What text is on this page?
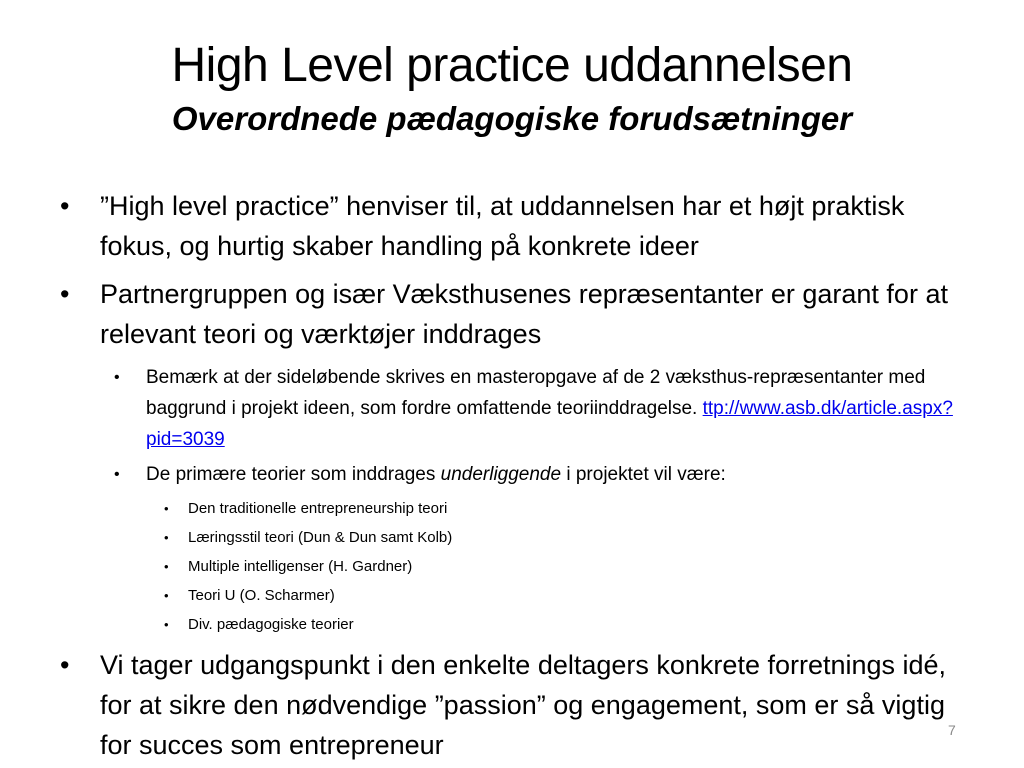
High Level practice uddannelsen
Overordnede pædagogiske forudsætninger
• ”High level practice” henviser til, at uddannelsen har et højt praktisk fokus, og hurtig skaber handling på konkrete ideer
• Partnergruppen og især Væksthusenes repræsentanter er garant for at relevant teori og værktøjer inddrages
• Bemærk at der sideløbende skrives en masteropgave af de 2 væksthus-repræsentanter med baggrund i projekt ideen, som fordre omfattende teoriinddragelse. ttp://www.asb.dk/article.aspx?pid=3039
• De primære teorier som inddrages underliggende i projektet vil være:
• Den traditionelle entrepreneurship teori
• Læringsstil teori (Dun & Dun samt Kolb)
• Multiple intelligenser (H. Gardner)
• Teori U (O. Scharmer)
• Div. pædagogiske teorier
• Vi tager udgangspunkt i den enkelte deltagers konkrete forretnings idé, for at sikre den nødvendige ”passion” og engagement, som er så vigtig for succes som entrepreneur	7
